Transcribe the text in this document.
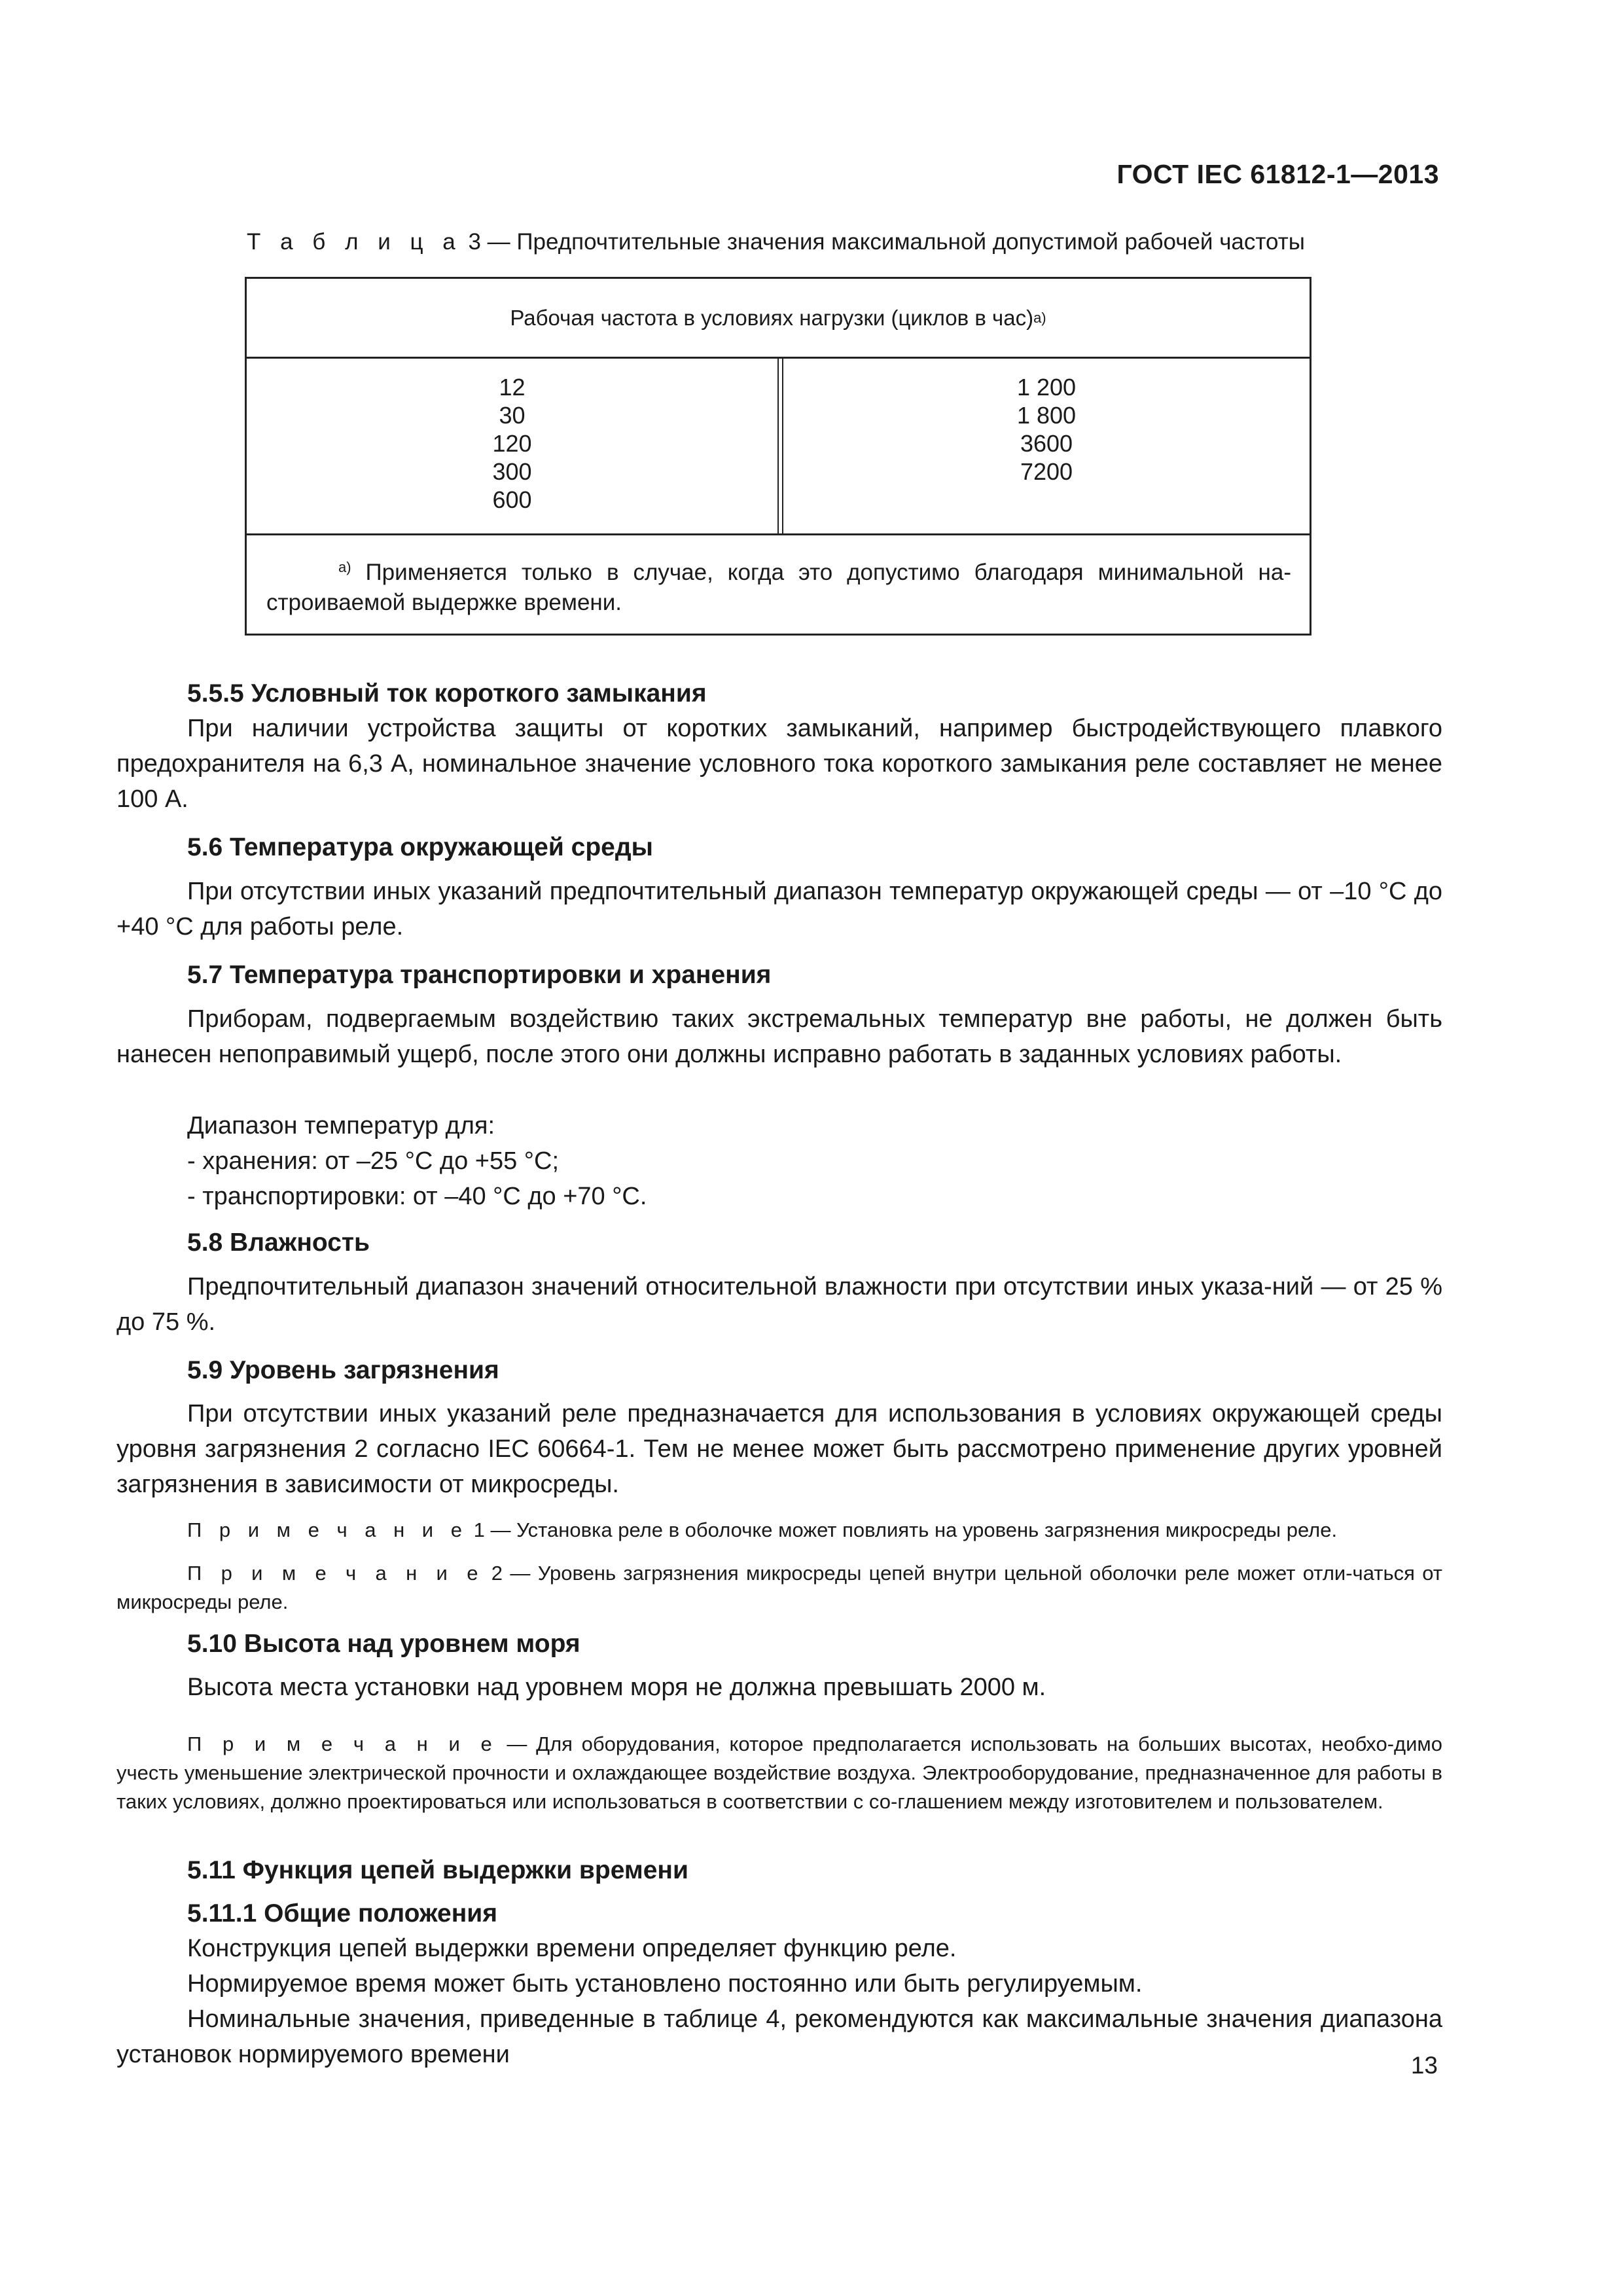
ГОСТ IEC 61812-1—2013
Т а б л и ц а 3 — Предпочтительные значения максимальной допустимой рабочей частоты
Рабочая частота в условиях нагрузки (циклов в час) а)
12
30
120
300
600
1 200
1 800
3600
7200
$^{а)}$ Применяется только в случае, когда это допустимо благодаря минимальной на-строиваемой выдержке времени.
5.5.5 Условный ток короткого замыкания
При наличии устройства защиты от коротких замыканий, например быстродействующего плавкого предохранителя на 6,3 А, номинальное значение условного тока короткого замыкания реле составляет не менее 100 А.
5.6 Температура окружающей среды
При отсутствии иных указаний предпочтительный диапазон температур окружающей среды — от –10 °С до +40 °С для работы реле.
5.7 Температура транспортировки и хранения
Приборам, подвергаемым воздействию таких экстремальных температур вне работы, не должен быть нанесен непоправимый ущерб, после этого они должны исправно работать в заданных условиях работы.
Диапазон температур для:
- хранения: от –25 °С до +55 °С;
- транспортировки: от –40 °С до +70 °С.
5.8 Влажность
Предпочтительный диапазон значений относительной влажности при отсутствии иных указа-ний — от 25 % до 75 %.
5.9 Уровень загрязнения
При отсутствии иных указаний реле предназначается для использования в условиях окружающей среды уровня загрязнения 2 согласно IEC 60664-1. Тем не менее может быть рассмотрено применение других уровней загрязнения в зависимости от микросреды.
П р и м е ч а н и е 1 — Установка реле в оболочке может повлиять на уровень загрязнения микросреды реле.
П р и м е ч а н и е 2 — Уровень загрязнения микросреды цепей внутри цельной оболочки реле может отли-чаться от микросреды реле.
5.10 Высота над уровнем моря
Высота места установки над уровнем моря не должна превышать 2000 м.
П р и м е ч а н и е — Для оборудования, которое предполагается использовать на больших высотах, необхо-димо учесть уменьшение электрической прочности и охлаждающее воздействие воздуха. Электрооборудование, предназначенное для работы в таких условиях, должно проектироваться или использоваться в соответствии с со-глашением между изготовителем и пользователем.
5.11 Функция цепей выдержки времени
5.11.1 Общие положения
Конструкция цепей выдержки времени определяет функцию реле.
Нормируемое время может быть установлено постоянно или быть регулируемым.
Номинальные значения, приведенные в таблице 4, рекомендуются как максимальные значения диапазона установок нормируемого времени	13
